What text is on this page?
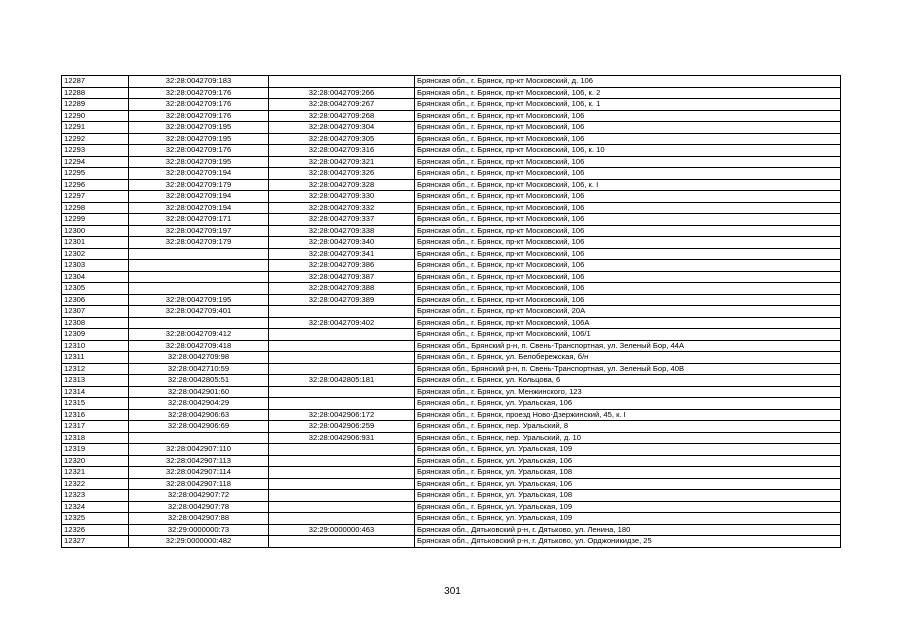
12287	32:28:0042709:183		Брянская обл., г. Брянск, пр-кт Московский, д. 106
12288	32:28:0042709:176	32:28:0042709:266	Брянская обл., г. Брянск, пр-кт Московский, 106, к. 2
12289	32:28:0042709:176	32:28:0042709:267	Брянская обл., г. Брянск, пр-кт Московский, 106, к. 1
12290	32:28:0042709:176	32:28:0042709:268	Брянская обл., г. Брянск, пр-кт Московский, 106
12291	32:28:0042709:195	32:28:0042709:304	Брянская обл., г. Брянск, пр-кт Московский, 106
12292	32:28:0042709:195	32:28:0042709:305	Брянская обл., г. Брянск, пр-кт Московский, 106
12293	32:28:0042709:176	32:28:0042709:316	Брянская обл., г. Брянск, пр-кт Московский, 106, к. 10
12294	32:28:0042709:195	32:28:0042709:321	Брянская обл., г. Брянск, пр-кт Московский, 106
12295	32:28:0042709:194	32:28:0042709:326	Брянская обл., г. Брянск, пр-кт Московский, 106
12296	32:28:0042709:179	32:28:0042709:328	Брянская обл., г. Брянск, пр-кт Московский, 106, к. I
12297	32:28:0042709:194	32:28:0042709:330	Брянская обл., г. Брянск, пр-кт Московский, 106
12298	32:28:0042709:194	32:28:0042709:332	Брянская обл., г. Брянск, пр-кт Московский, 106
12299	32:28:0042709:171	32:28:0042709:337	Брянская обл., г. Брянск, пр-кт Московский, 106
12300	32:28:0042709:197	32:28:0042709:338	Брянская обл., г. Брянск, пр-кт Московский, 106
12301	32:28:0042709:179	32:28:0042709:340	Брянская обл., г. Брянск, пр-кт Московский, 106
12302		32:28:0042709:341	Брянская обл., г. Брянск, пр-кт Московский, 106
12303		32:28:0042709:386	Брянская обл., г. Брянск, пр-кт Московский, 106
12304		32:28:0042709:387	Брянская обл., г. Брянск, пр-кт Московский, 106
12305		32:28:0042709:388	Брянская обл., г. Брянск, пр-кт Московский, 106
12306	32:28:0042709:195	32:28:0042709:389	Брянская обл., г. Брянск, пр-кт Московский, 106
12307	32:28:0042709:401		Брянская обл., г. Брянск, пр-кт Московский, 20А
12308		32:28:0042709:402	Брянская обл., г. Брянск, пр-кт Московский, 106А
12309	32:28:0042709:412		Брянская обл., г. Брянск, пр-кт Московский, 106/1
12310	32:28:0042709:418		Брянская обл., Брянский р-н, п. Свень-Транспортная, ул. Зеленый Бор, 44А
12311	32:28:0042709:98		Брянская обл., г. Брянск, ул. Белобережская, б/н
12312	32:28:0042710:59		Брянская обл., Брянский р-н, п. Свень-Транспортная, ул. Зеленый Бор, 40В
12313	32:28:0042805:51	32:28:0042805:181	Брянская обл., г. Брянск, ул. Кольцова, 6
12314	32:28:0042901:60		Брянская обл., г. Брянск, ул. Менжинского, 123
12315	32:28:0042904:29		Брянская обл., г. Брянск, ул. Уральская, 106
12316	32:28:0042906:63	32:28:0042906:172	Брянская обл., г. Брянск, проезд Ново-Дзержинский, 45, к. I
12317	32:28:0042906:69	32:28:0042906:259	Брянская обл., г. Брянск, пер. Уральский, 8
12318		32:28:0042906:931	Брянская обл., г. Брянск, пер. Уральский, д. 10
12319	32:28:0042907:110		Брянская обл., г. Брянск, ул. Уральская, 109
12320	32:28:0042907:113		Брянская обл., г. Брянск, ул. Уральская, 106
12321	32:28:0042907:114		Брянская обл., г. Брянск, ул. Уральская, 108
12322	32:28:0042907:118		Брянская обл., г. Брянск, ул. Уральская, 106
12323	32:28:0042907:72		Брянская обл., г. Брянск, ул. Уральская, 108
12324	32:28:0042907:78		Брянская обл., г. Брянск, ул. Уральская, 109
12325	32:28:0042907:88		Брянская обл., г. Брянск, ул. Уральская, 109
12326	32:29:0000000:73	32:29:0000000:463	Брянская обл., Дятьковский р-н, г. Дятьково, ул. Ленина, 180
12327	32:29:0000000:482		Брянская обл., Дятьковский р-н, г. Дятьково, ул. Орджоникидзе, 25
301
